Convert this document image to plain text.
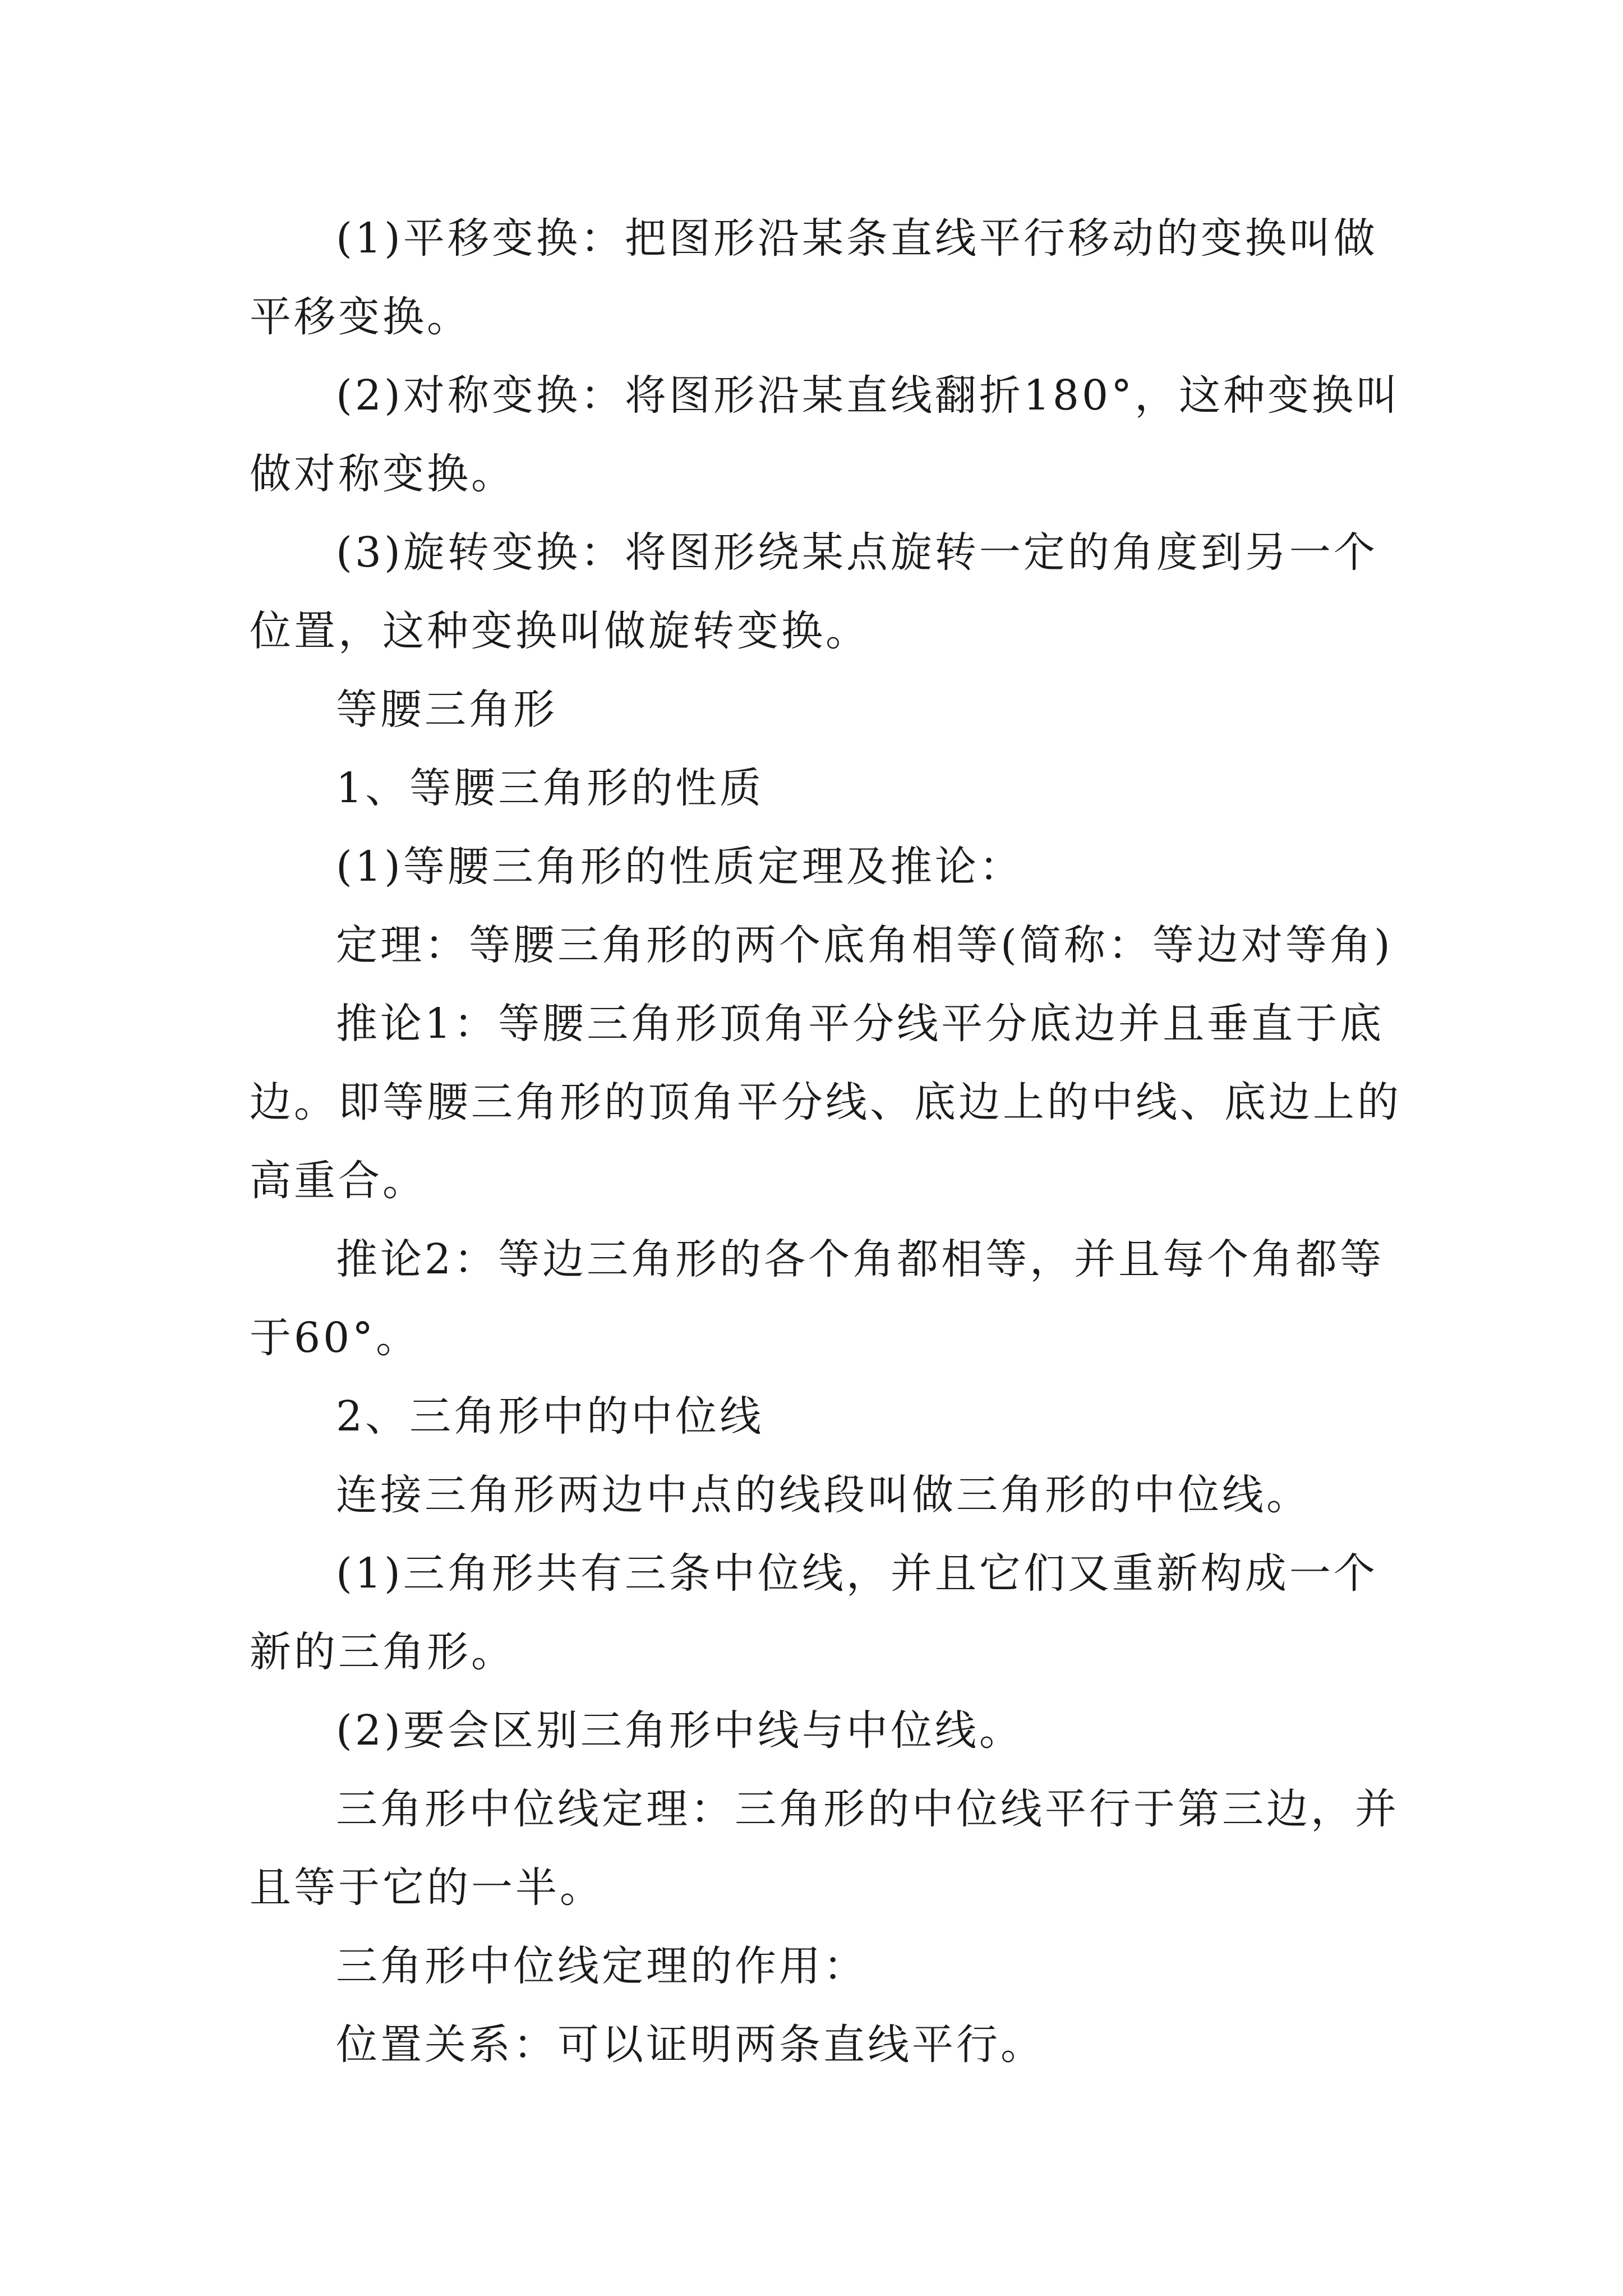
(1)平移变换：把图形沿某条直线平行移动的变换叫做平移变换。

(2)对称变换：将图形沿某直线翻折180°，这种变换叫做对称变换。

(3)旋转变换：将图形绕某点旋转一定的角度到另一个位置，这种变换叫做旋转变换。

等腰三角形

1、等腰三角形的性质

(1)等腰三角形的性质定理及推论：

定理：等腰三角形的两个底角相等(简称：等边对等角)

推论1：等腰三角形顶角平分线平分底边并且垂直于底边。即等腰三角形的顶角平分线、底边上的中线、底边上的高重合。

推论2：等边三角形的各个角都相等，并且每个角都等于60°。

2、三角形中的中位线

连接三角形两边中点的线段叫做三角形的中位线。

(1)三角形共有三条中位线，并且它们又重新构成一个新的三角形。

(2)要会区别三角形中线与中位线。

三角形中位线定理：三角形的中位线平行于第三边，并且等于它的一半。

三角形中位线定理的作用：

位置关系：可以证明两条直线平行。
